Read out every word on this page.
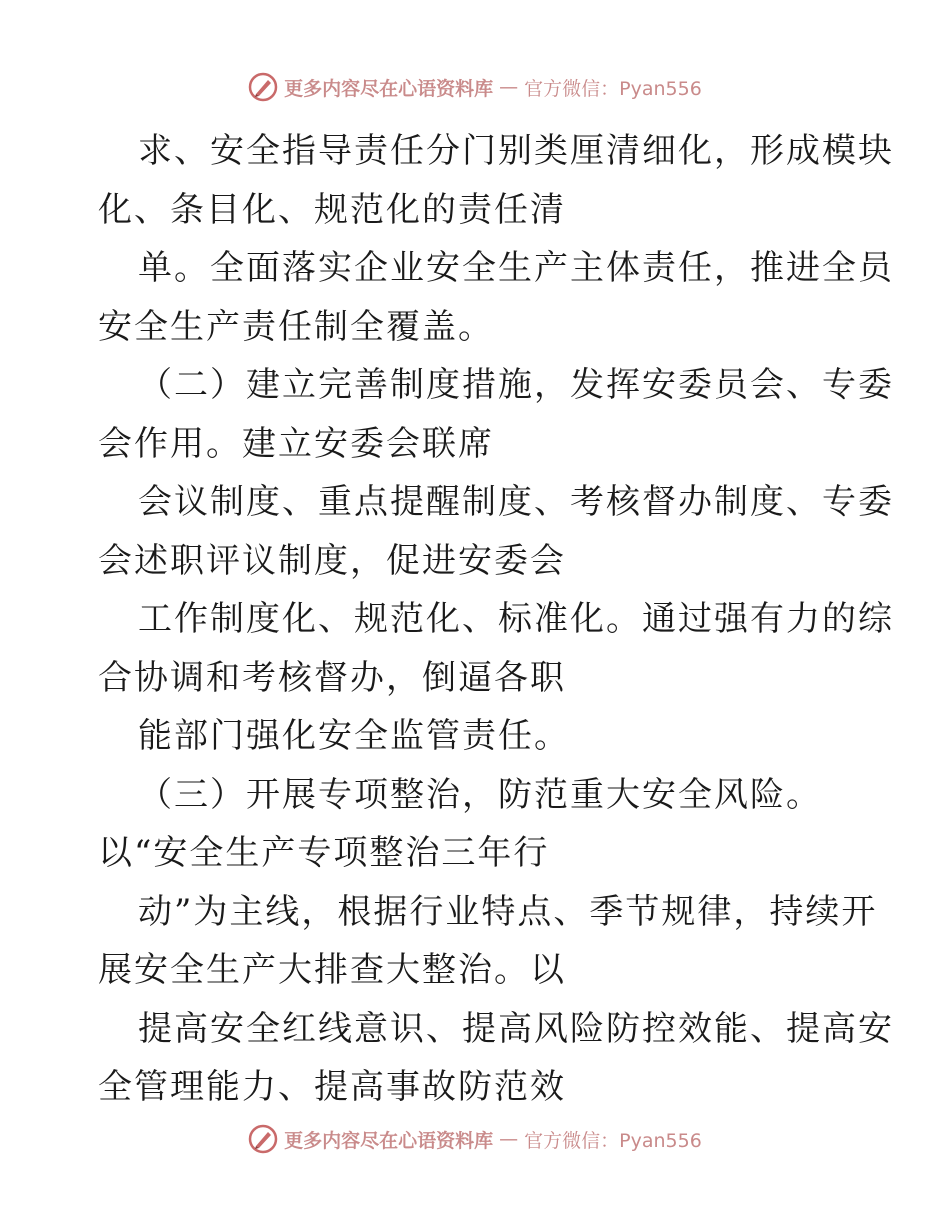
更多内容尽在心语资料库 — 官方微信：Pyan556
求、安全指导责任分门别类厘清细化，形成模块
化、条目化、规范化的责任清
单。全面落实企业安全生产主体责任，推进全员
安全生产责任制全覆盖。
（二）建立完善制度措施，发挥安委员会、专委
会作用。建立安委会联席
会议制度、重点提醒制度、考核督办制度、专委
会述职评议制度，促进安委会
工作制度化、规范化、标准化。通过强有力的综
合协调和考核督办，倒逼各职
能部门强化安全监管责任。
（三）开展专项整治，防范重大安全风险。
以“安全生产专项整治三年行
动”为主线，根据行业特点、季节规律，持续开
展安全生产大排查大整治。以
提高安全红线意识、提高风险防控效能、提高安
全管理能力、提高事故防范效
更多内容尽在心语资料库 — 官方微信：Pyan556
